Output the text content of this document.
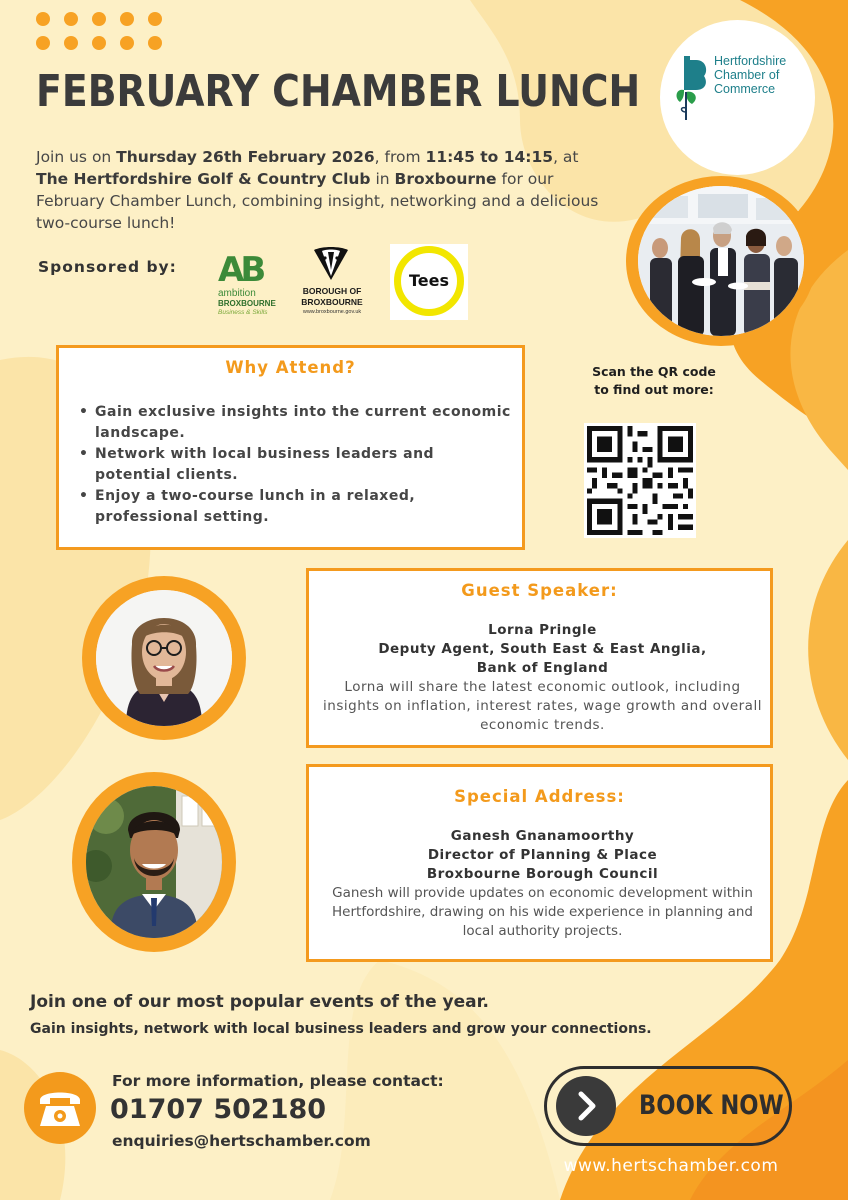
Hertfordshire
Chamber of
Commerce
FEBRUARY CHAMBER LUNCH

Join us on Thursday 26th February 2026, from 11:45 to 14:15, at
The Hertfordshire Golf & Country Club in Broxbourne for our February Chamber Lunch, combining insight, networking and a delicious two-course lunch!

Sponsored by: AB
ambition
BROXBOURNE
Business & Skills
BOROUGH OF
BROXBOURNE
www.broxbourne.gov.uk
Tees
Why Attend?
• Gain exclusive insights into the current economic landscape.
• Network with local business leaders and potential clients.
• Enjoy a two-course lunch in a relaxed, professional setting.
Scan the QR code
to find out more:
Guest Speaker:
Lorna Pringle
Deputy Agent, South East & East Anglia,
Bank of England
Lorna will share the latest economic outlook, including insights on inflation, interest rates, wage growth and overall economic trends.
Special Address:
Ganesh Gnanamoorthy
Director of Planning & Place
Broxbourne Borough Council
Ganesh will provide updates on economic development within Hertfordshire, drawing on his wide experience in planning and local authority projects.
Join one of our most popular events of the year.
Gain insights, network with local business leaders and grow your connections.
For more information, please contact:
01707 502180
enquiries@hertschamber.com
BOOK NOW
www.hertschamber.com
